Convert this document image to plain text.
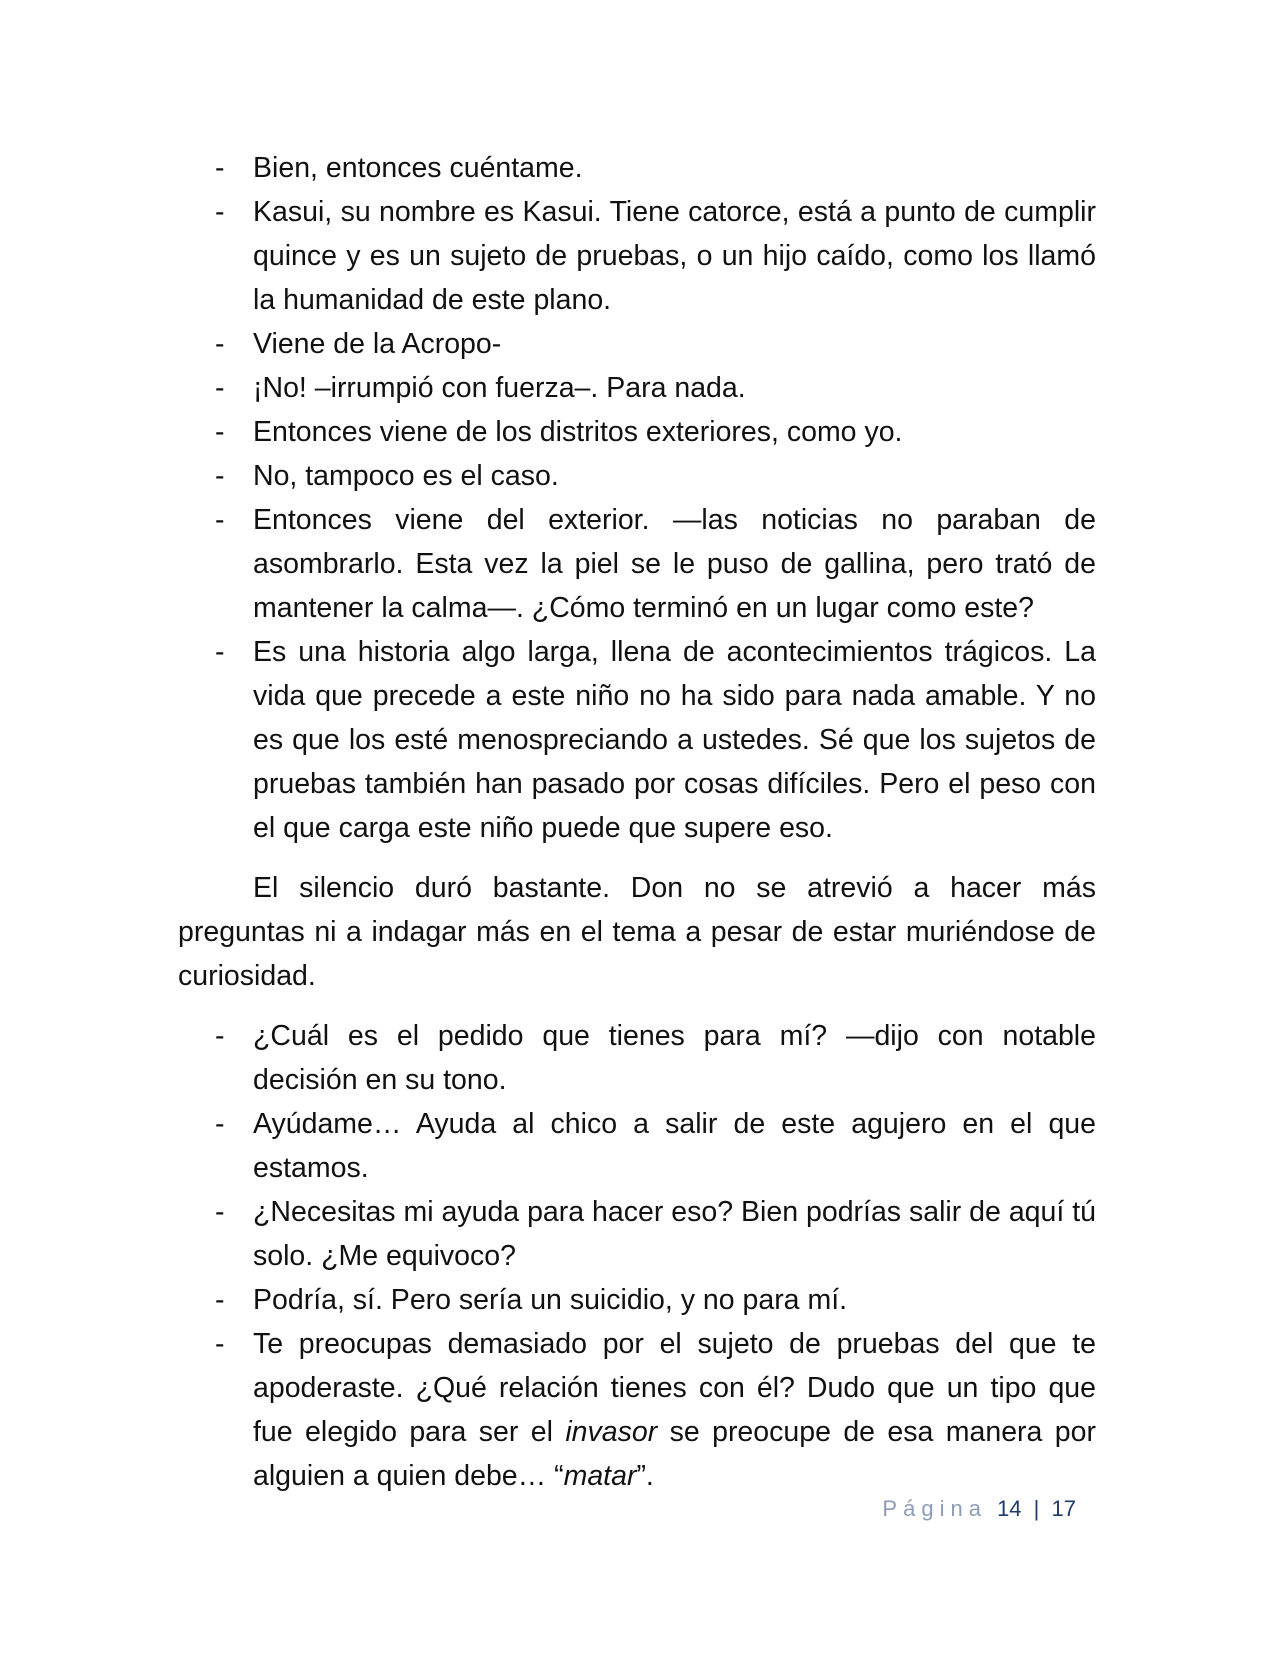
- Bien, entonces cuéntame.
- Kasui, su nombre es Kasui. Tiene catorce, está a punto de cumplir quince y es un sujeto de pruebas, o un hijo caído, como los llamó la humanidad de este plano.
- Viene de la Acropo-
- ¡No! –irrumpió con fuerza–. Para nada.
- Entonces viene de los distritos exteriores, como yo.
- No, tampoco es el caso.
- Entonces viene del exterior. —las noticias no paraban de asombrarlo. Esta vez la piel se le puso de gallina, pero trató de mantener la calma—. ¿Cómo terminó en un lugar como este?
- Es una historia algo larga, llena de acontecimientos trágicos. La vida que precede a este niño no ha sido para nada amable. Y no es que los esté menospreciando a ustedes. Sé que los sujetos de pruebas también han pasado por cosas difíciles. Pero el peso con el que carga este niño puede que supere eso.

El silencio duró bastante. Don no se atrevió a hacer más preguntas ni a indagar más en el tema a pesar de estar muriéndose de curiosidad.

- ¿Cuál es el pedido que tienes para mí? —dijo con notable decisión en su tono.
- Ayúdame… Ayuda al chico a salir de este agujero en el que estamos.
- ¿Necesitas mi ayuda para hacer eso? Bien podrías salir de aquí tú solo. ¿Me equivoco?
- Podría, sí. Pero sería un suicidio, y no para mí.
- Te preocupas demasiado por el sujeto de pruebas del que te apoderaste. ¿Qué relación tienes con él? Dudo que un tipo que fue elegido para ser el invasor se preocupe de esa manera por alguien a quien debe… “matar”.
Página 14 | 17
